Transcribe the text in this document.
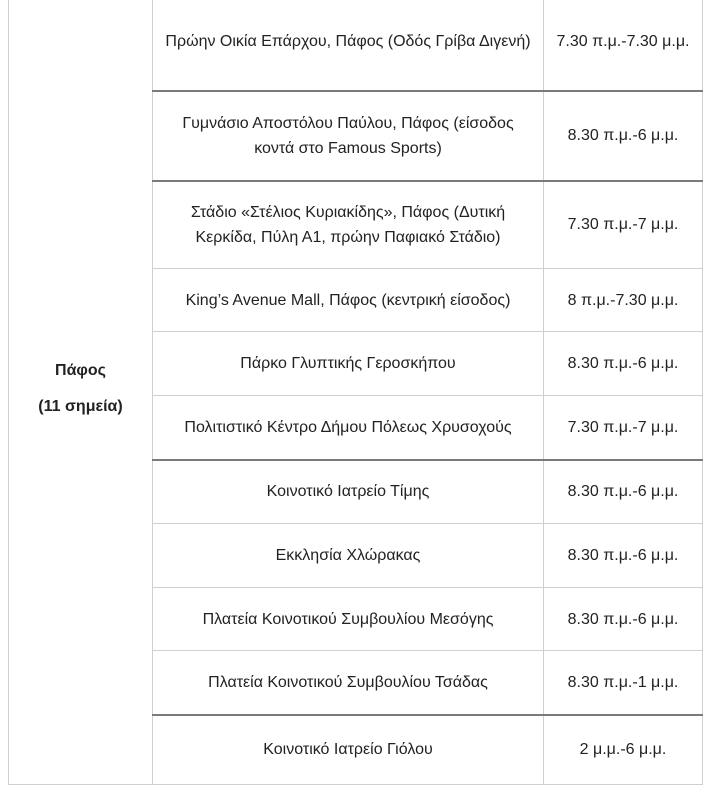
Πάφος
(11 σημεία)	Πρώην Οικία Επάρχου, Πάφος (Οδός Γρίβα Διγενή)	7.30 π.μ.-7.30 μ.μ.
	Γυμνάσιο Αποστόλου Παύλου, Πάφος (είσοδος κοντά στο Famous Sports)	8.30 π.μ.-6 μ.μ.
	Στάδιο «Στέλιος Κυριακίδης», Πάφος (Δυτική Κερκίδα, Πύλη Α1, πρώην Παφιακό Στάδιο)	7.30 π.μ.-7 μ.μ.
	King’s Avenue Mall, Πάφος (κεντρική είσοδος)	8 π.μ.-7.30 μ.μ.
	Πάρκο Γλυπτικής Γεροσκήπου	8.30 π.μ.-6 μ.μ.
	Πολιτιστικό Κέντρο Δήμου Πόλεως Χρυσοχούς	7.30 π.μ.-7 μ.μ.
	Κοινοτικό Ιατρείο Τίμης	8.30 π.μ.-6 μ.μ.
	Εκκλησία Χλώρακας	8.30 π.μ.-6 μ.μ.
	Πλατεία Κοινοτικού Συμβουλίου Μεσόγης	8.30 π.μ.-6 μ.μ.
	Πλατεία Κοινοτικού Συμβουλίου Τσάδας	8.30 π.μ.-1 μ.μ.
	Κοινοτικό Ιατρείο Γιόλου	2 μ.μ.-6 μ.μ.
